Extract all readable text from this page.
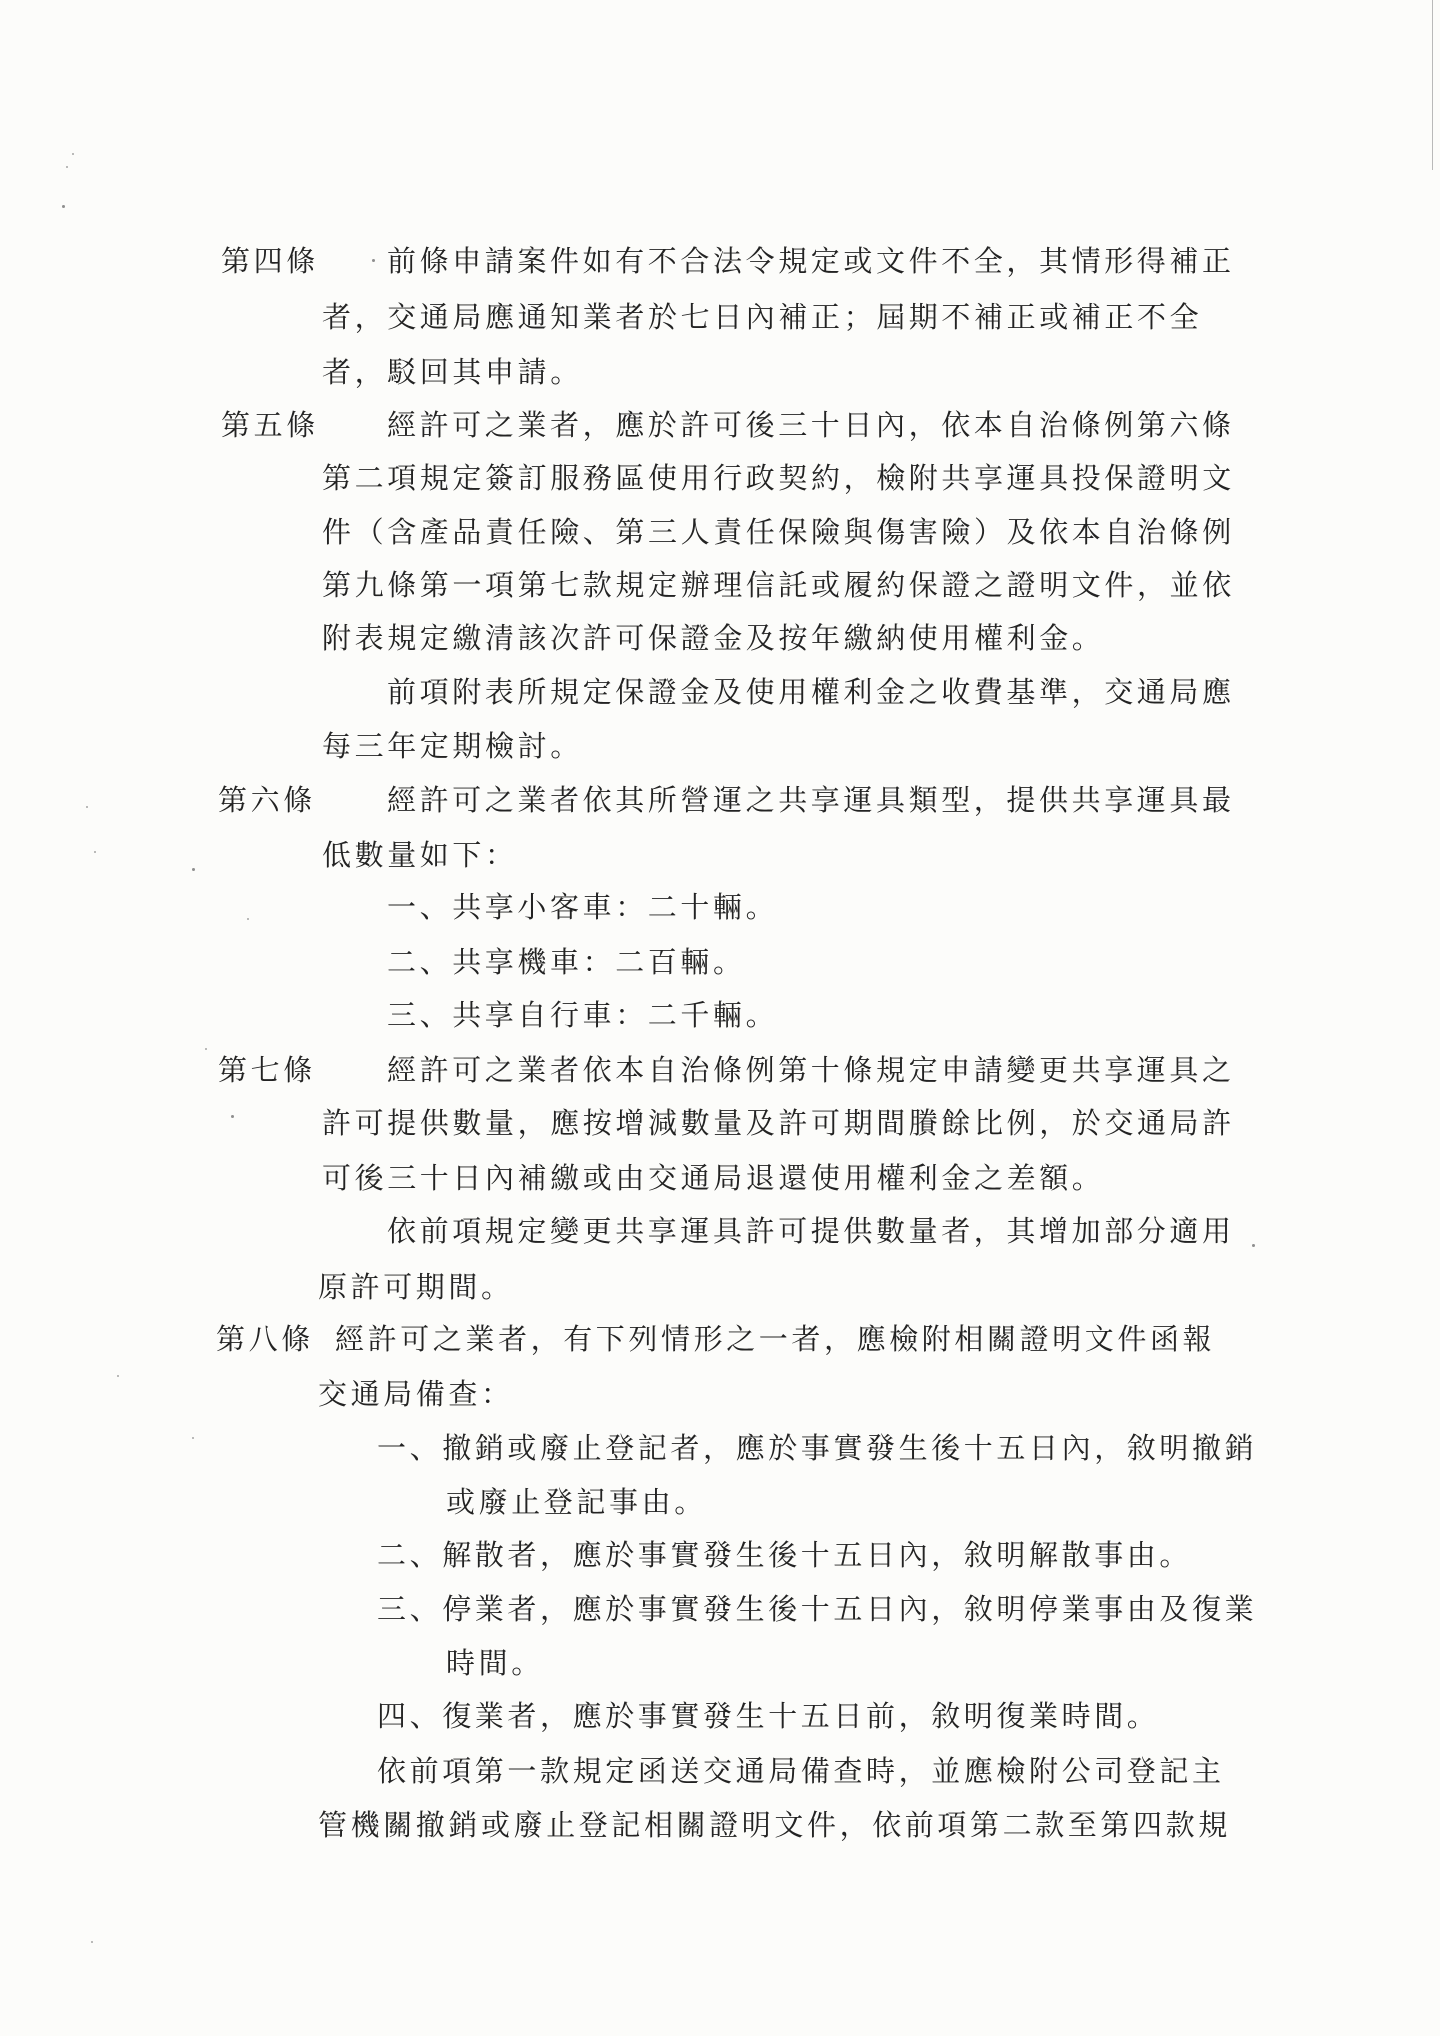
第四條 前條申請案件如有不合法令規定或文件不全，其情形得補正
者，交通局應通知業者於七日內補正；屆期不補正或補正不全
者，駁回其申請。
第五條 經許可之業者，應於許可後三十日內，依本自治條例第六條
第二項規定簽訂服務區使用行政契約，檢附共享運具投保證明文
件（含產品責任險、第三人責任保險與傷害險）及依本自治條例
第九條第一項第七款規定辦理信託或履約保證之證明文件，並依
附表規定繳清該次許可保證金及按年繳納使用權利金。
前項附表所規定保證金及使用權利金之收費基準，交通局應
每三年定期檢討。
第六條 經許可之業者依其所營運之共享運具類型，提供共享運具最
低數量如下：
一、共享小客車：二十輛。
二、共享機車：二百輛。
三、共享自行車：二千輛。
第七條 經許可之業者依本自治條例第十條規定申請變更共享運具之
許可提供數量，應按增減數量及許可期間賸餘比例，於交通局許
可後三十日內補繳或由交通局退還使用權利金之差額。
依前項規定變更共享運具許可提供數量者，其增加部分適用
原許可期間。
第八條 經許可之業者，有下列情形之一者，應檢附相關證明文件函報
交通局備查：
一、撤銷或廢止登記者，應於事實發生後十五日內，敘明撤銷
或廢止登記事由。
二、解散者，應於事實發生後十五日內，敘明解散事由。
三、停業者，應於事實發生後十五日內，敘明停業事由及復業
時間。
四、復業者，應於事實發生十五日前，敘明復業時間。
依前項第一款規定函送交通局備查時，並應檢附公司登記主
管機關撤銷或廢止登記相關證明文件，依前項第二款至第四款規
